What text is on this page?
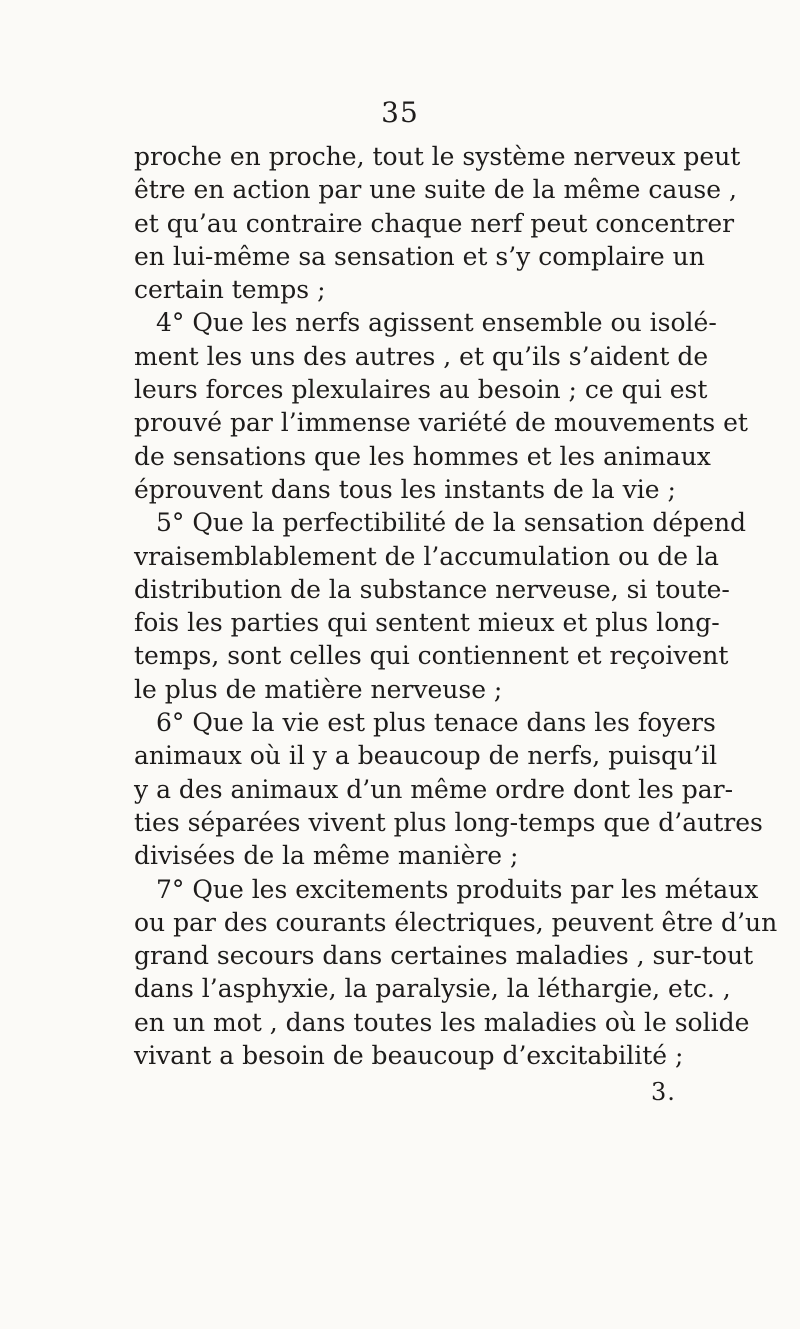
35
proche en proche, tout le système nerveux peut
être en action par une suite de la même cause ,
et qu’au contraire chaque nerf peut concentrer
en lui-même sa sensation et s’y complaire un
certain temps ;
4° Que les nerfs agissent ensemble ou isolé-
ment les uns des autres , et qu’ils s’aident de
leurs forces plexulaires au besoin ; ce qui est
prouvé par l’immense variété de mouvements et
de sensations que les hommes et les animaux
éprouvent dans tous les instants de la vie ;
5° Que la perfectibilité de la sensation dépend
vraisemblablement de l’accumulation ou de la
distribution de la substance nerveuse, si toute-
fois les parties qui sentent mieux et plus long-
temps, sont celles qui contiennent et reçoivent
le plus de matière nerveuse ;
6° Que la vie est plus tenace dans les foyers
animaux où il y a beaucoup de nerfs, puisqu’il
y a des animaux d’un même ordre dont les par-
ties séparées vivent plus long-temps que d’autres
divisées de la même manière ;
7° Que les excitements produits par les métaux
ou par des courants électriques, peuvent être d’un
grand secours dans certaines maladies , sur-tout
dans l’asphyxie, la paralysie, la léthargie, etc. ,
en un mot , dans toutes les maladies où le solide
vivant a besoin de beaucoup d’excitabilité ;
3.
